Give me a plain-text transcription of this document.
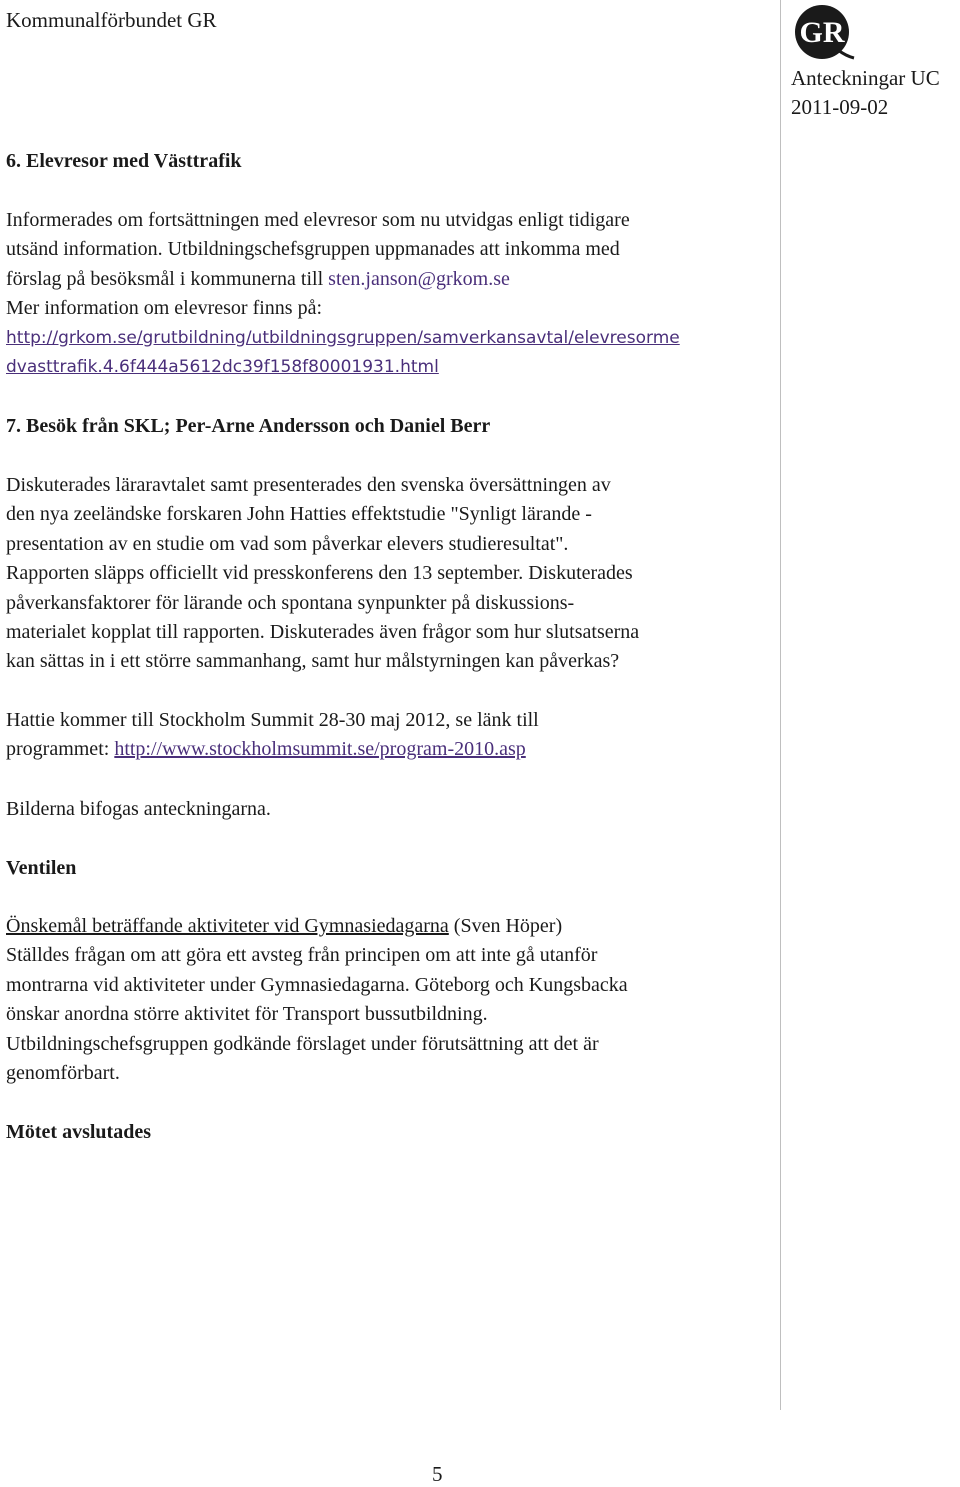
Kommunalförbundet GR	GR
Anteckningar UC
2011-09-02
6. Elevresor med Västtrafik
Informerades om fortsättningen med elevresor som nu utvidgas enligt tidigare
utsänd information. Utbildningschefsgruppen uppmanades att inkomma med
förslag på besöksmål i kommunerna till sten.janson@grkom.se
Mer information om elevresor finns på:
http://grkom.se/grutbildning/utbildningsgruppen/samverkansavtal/elevresorme
dvasttrafik.4.6f444a5612dc39f158f80001931.html
7. Besök från SKL; Per-Arne Andersson och Daniel Berr
Diskuterades läraravtalet samt presenterades den svenska översättningen av
den nya zeeländske forskaren John Hatties effektstudie "Synligt lärande -
presentation av en studie om vad som påverkar elevers studieresultat".
Rapporten släpps officiellt vid presskonferens den 13 september. Diskuterades
påverkansfaktorer för lärande och spontana synpunkter på diskussions-
materialet kopplat till rapporten. Diskuterades även frågor som hur slutsatserna
kan sättas in i ett större sammanhang, samt hur målstyrningen kan påverkas?
Hattie kommer till Stockholm Summit 28-30 maj 2012, se länk till
programmet: http://www.stockholmsummit.se/program-2010.asp
Bilderna bifogas anteckningarna.
Ventilen
Önskemål beträffande aktiviteter vid Gymnasiedagarna (Sven Höper)
Ställdes frågan om att göra ett avsteg från principen om att inte gå utanför
montrarna vid aktiviteter under Gymnasiedagarna. Göteborg och Kungsbacka
önskar anordna större aktivitet för Transport bussutbildning.
Utbildningschefsgruppen godkände förslaget under förutsättning att det är
genomförbart.
Mötet avslutades
5
